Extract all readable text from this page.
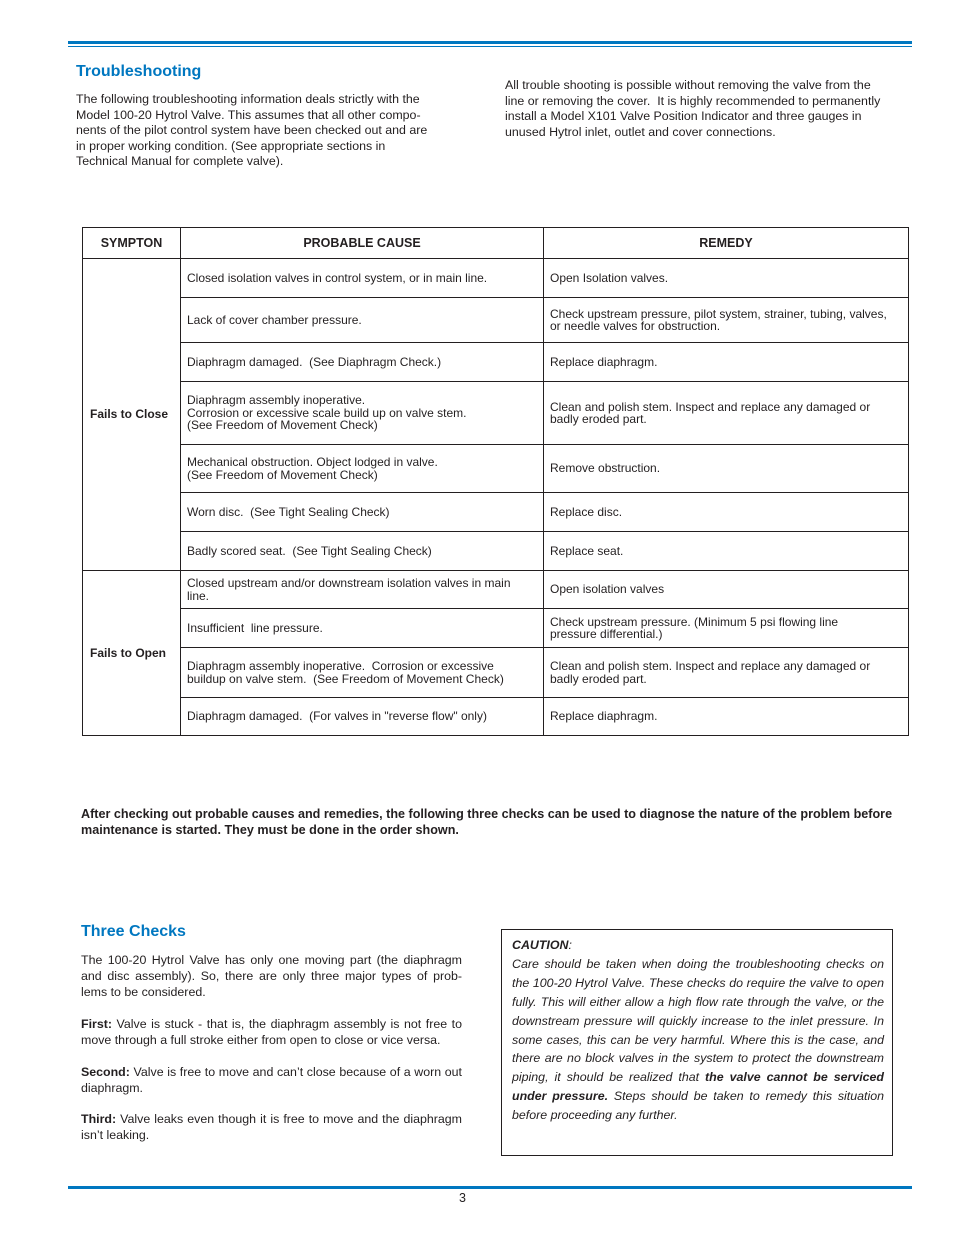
Troubleshooting
The following troubleshooting information deals strictly with the
Model 100-20 Hytrol Valve. This assumes that all other compo-
nents of the pilot control system have been checked out and are
in proper working condition. (See appropriate sections in
Technical Manual for complete valve).
All trouble shooting is possible without removing the valve from the
line or removing the cover.  It is highly recommended to permanently
install a Model X101 Valve Position Indicator and three gauges in
unused Hytrol inlet, outlet and cover connections.
SYMPTON	PROBABLE CAUSE	REMEDY
Fails to Close	Closed isolation valves in control system, or in main line.	Open Isolation valves.

	Lack of cover chamber pressure.	Check upstream pressure, pilot system, strainer, tubing, valves,
or needle valves for obstruction.

	Diaphragm damaged.  (See Diaphragm Check.)	Replace diaphragm.

	Diaphragm assembly inoperative.
Corrosion or excessive scale build up on valve stem.
(See Freedom of Movement Check)	Clean and polish stem. Inspect and replace any damaged or
badly eroded part.

	Mechanical obstruction. Object lodged in valve.
(See Freedom of Movement Check)	Remove obstruction.

	Worn disc.  (See Tight Sealing Check)	Replace disc.

	Badly scored seat.  (See Tight Sealing Check)	Replace seat.

Fails to Open	Closed upstream and/or downstream isolation valves in main
line.	Open isolation valves

	Insufficient  line pressure.	Check upstream pressure. (Minimum 5 psi flowing line
pressure differential.)

	Diaphragm assembly inoperative.  Corrosion or excessive
buildup on valve stem.  (See Freedom of Movement Check)	Clean and polish stem. Inspect and replace any damaged or
badly eroded part.

	Diaphragm damaged.  (For valves in "reverse flow" only)	Replace diaphragm.

After checking out probable causes and remedies, the following three checks can be used to diagnose the nature of the problem before maintenance is started. They must be done in the order shown.

Three Checks

The 100-20 Hytrol Valve has only one moving part (the diaphragm and disc assembly). So, there are only three major types of prob-lems to be considered.

First: Valve is stuck - that is, the diaphragm assembly is not free to move through a full stroke either from open to close or vice versa.

Second: Valve is free to move and can’t close because of a worn out diaphragm.

Third: Valve leaks even though it is free to move and the diaphragm isn’t leaking.

CAUTION:

Care should be taken when doing the troubleshooting checks on the 100-20 Hytrol Valve. These checks do require the valve to open fully. This will either allow a high flow rate through the valve, or the downstream pressure will quickly increase to the inlet pressure. In some cases, this can be very harmful. Where this is the case, and there are no block valves in the system to protect the downstream piping, it should be realized that the valve cannot be serviced under pressure. Steps should be taken to remedy this situation before proceeding any further.

3
